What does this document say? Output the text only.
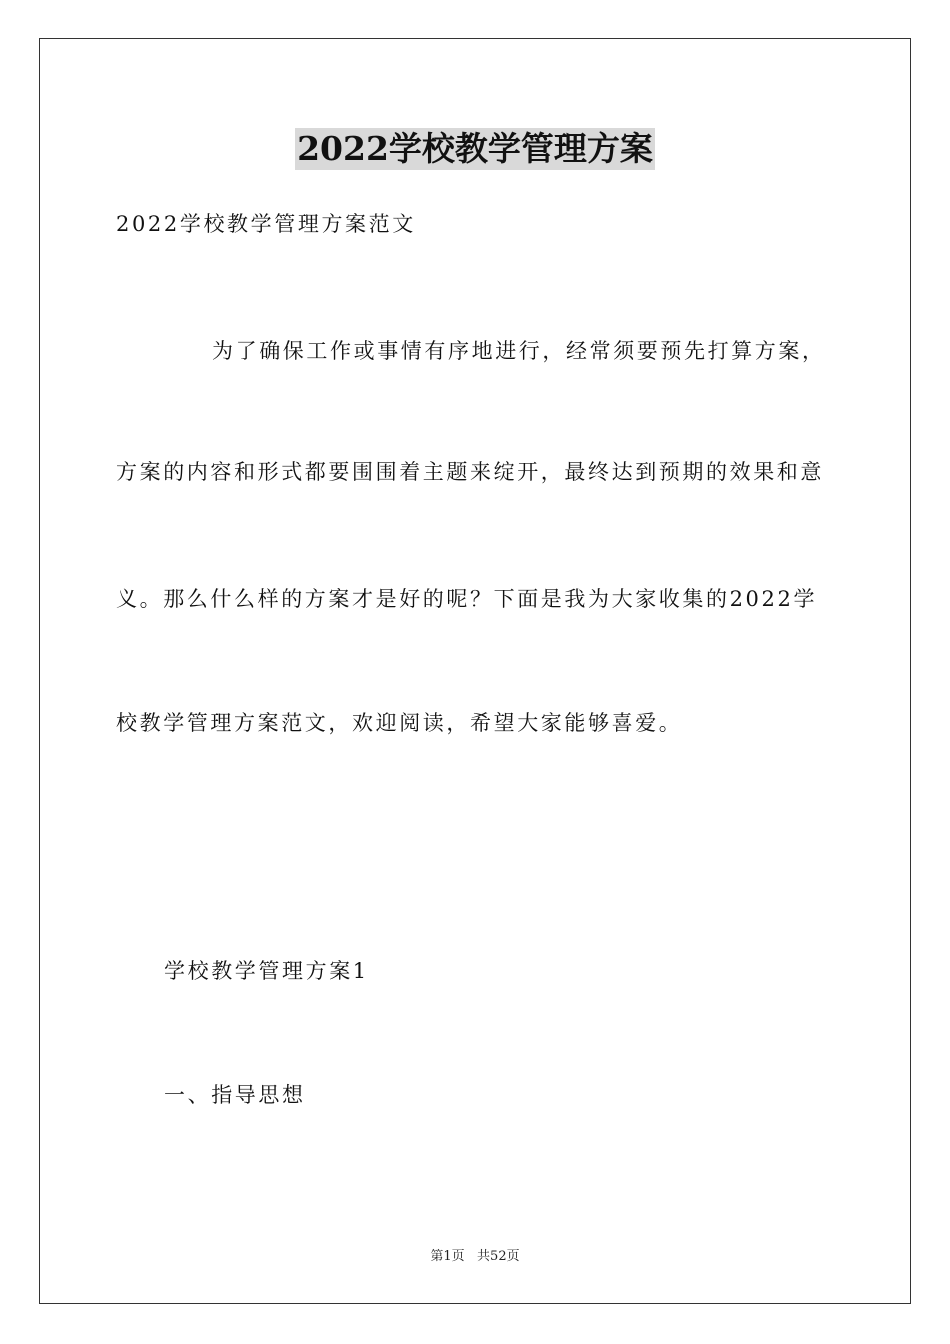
2022学校教学管理方案
2022学校教学管理方案范文
为了确保工作或事情有序地进行，经常须要预先打算方案，
方案的内容和形式都要围围着主题来绽开，最终达到预期的效果和意
义。那么什么样的方案才是好的呢？下面是我为大家收集的2022学
校教学管理方案范文，欢迎阅读，希望大家能够喜爱。
学校教学管理方案1
一、指导思想
第1页   共52页
